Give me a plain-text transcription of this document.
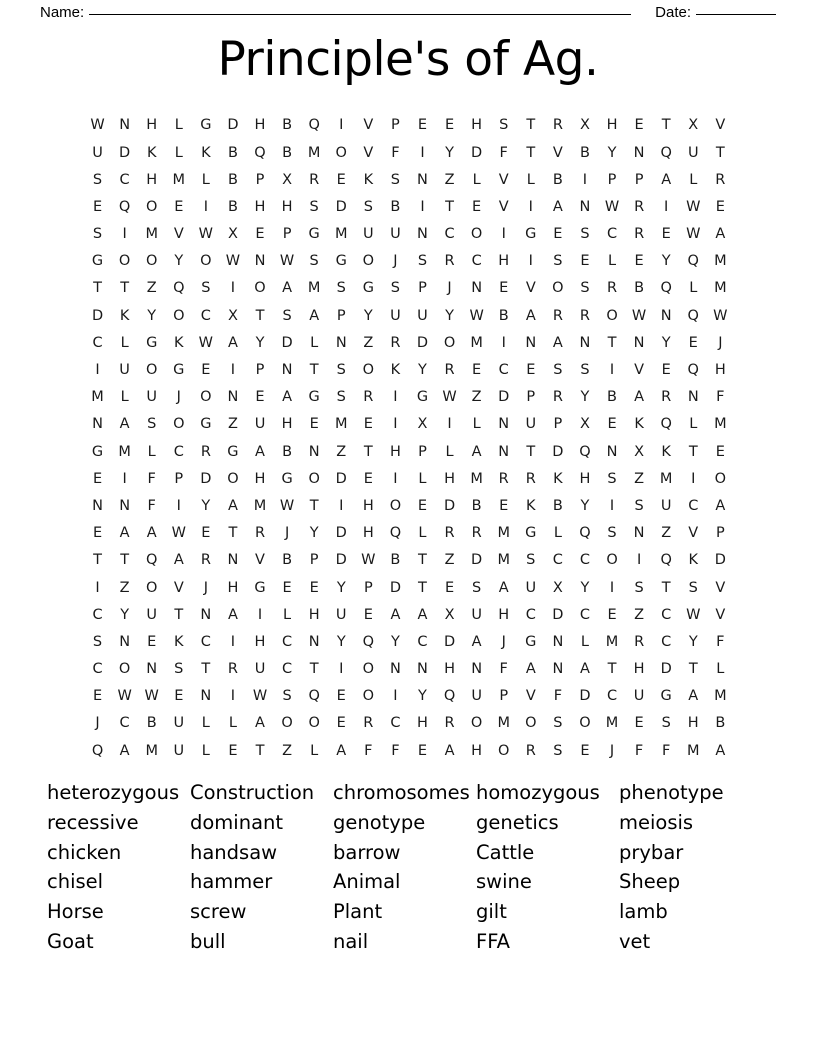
Name:	Date:
Principle's of Ag.
W N	H	L	G	D	H	B	Q	I	V	P	E	E	H	S	T	R	X	H	E	T	X	V
U	D	K	L	K	B	Q	B	M	O	V	F	I	Y	D	F	T	V	B	Y	N	Q	U	T
S	C	H	M	L	B	P	X	R	E	K	S	N	Z	L	V	L	B	I	P	P	A	L	R
E	Q	O	E	I	B	H	H	S	D	S	B	I	T	E	V	I	A	N W	R	I	W	E
S	I	M	V	W	X	E	P	G	M	U	U	N	C	O	I	G	E	S	C	R	E	W	A
G	O	O	Y	O W N W	S	G	O	J	S	R	C	H	I	S	E	L	E	Y	Q	M
T	T	Z	Q	S	I	O	A	M	S	G	S	P	J	N	E	V	O	S	R	B	Q	L	M
D	K	Y	O	C	X	T	S	A	P	Y	U	U	Y	W	B	A	R	R	O W N	Q W
C	L	G	K	W	A	Y	D	L	N	Z	R	D	O	M	I	N	A	N	T	N	Y	E	J
I	U	O	G	E	I	P	N	T	S	O	K	Y	R	E	C	E	S	S	I	V	E	Q	H
M	L	U	J	O	N	E	A	G	S	R	I	G W	Z	D	P	R	Y	B	A	R	N	F
N	A	S	O	G	Z	U	H	E	M	E	I	X	I	L	N	U	P	X	E	K	Q	L	M
G	M	L	C	R	G	A	B	N	Z	T	H	P	L	A	N	T	D	Q	N	X	K	T	E
E	I	F	P	D	O	H	G	O	D	E	I	L	H	M	R	R	K	H	S	Z	M	I	O
N	N	F	I	Y	A	M W	T	I	H	O	E	D	B	E	K	B	Y	I	S	U	C	A
E	A	A	W	E	T	R	J	Y	D	H	Q	L	R	R	M	G	L	Q	S	N	Z	V	P
T	T	Q	A	R	N	V	B	P	D W	B	T	Z	D	M	S	C	C	O	I	Q	K	D
I	Z	O	V	J	H	G	E	E	Y	P	D	T	E	S	A	U	X	Y	I	S	T	S	V
C	Y	U	T	N	A	I	L	H	U	E	A	A	X	U	H	C	D	C	E	Z	C	W	V
S	N	E	K	C	I	H	C	N	Y	Q	Y	C	D	A	J	G	N	L	M	R	C	Y	F
C	O	N	S	T	R	U	C	T	I	O	N	N	H	N	F	A	N	A	T	H	D	T	L
E	W W	E	N	I	W	S	Q	E	O	I	Y	Q	U	P	V	F	D	C	U	G	A	M
J	C	B	U	L	L	A	O	O	E	R	C	H	R	O	M	O	S	O	M	E	S	H	B
Q	A	M	U	L	E	T	Z	L	A	F	F	E	A	H	O	R	S	E	J	F	F	M	A
heterozygous Construction chromosomes homozygous phenotype
recessive	dominant	genotype	genetics	meiosis
chicken	handsaw	barrow	Cattle	prybar
chisel	hammer	Animal	swine	Sheep
Horse	screw	Plant	gilt	lamb
Goat	bull	nail	FFA	vet
